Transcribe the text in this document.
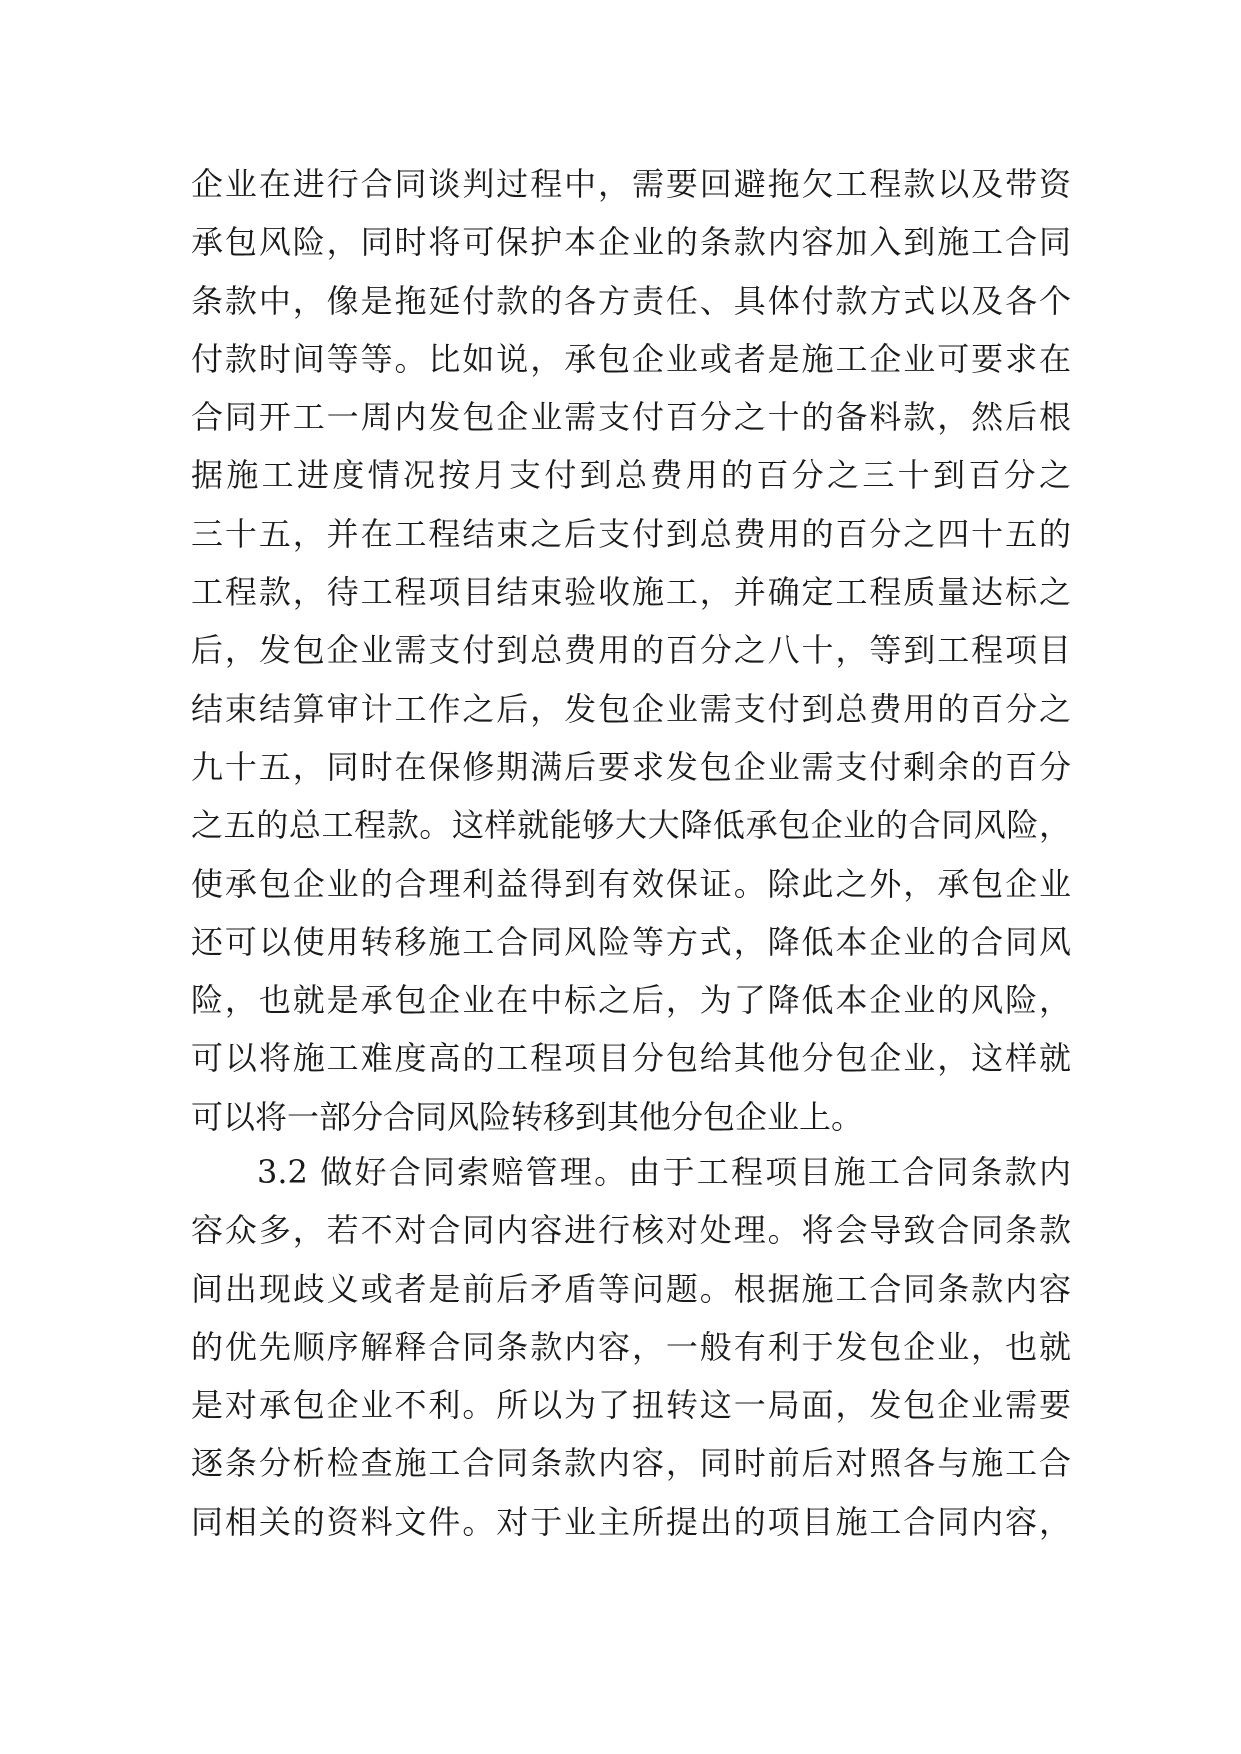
企业在进行合同谈判过程中，需要回避拖欠工程款以及带资
承包风险，同时将可保护本企业的条款内容加入到施工合同
条款中，像是拖延付款的各方责任、具体付款方式以及各个
付款时间等等。比如说，承包企业或者是施工企业可要求在
合同开工一周内发包企业需支付百分之十的备料款，然后根
据施工进度情况按月支付到总费用的百分之三十到百分之
三十五，并在工程结束之后支付到总费用的百分之四十五的
工程款，待工程项目结束验收施工，并确定工程质量达标之
后，发包企业需支付到总费用的百分之八十，等到工程项目
结束结算审计工作之后，发包企业需支付到总费用的百分之
九十五，同时在保修期满后要求发包企业需支付剩余的百分
之五的总工程款。这样就能够大大降低承包企业的合同风险，
使承包企业的合理利益得到有效保证。除此之外，承包企业
还可以使用转移施工合同风险等方式，降低本企业的合同风
险，也就是承包企业在中标之后，为了降低本企业的风险，
可以将施工难度高的工程项目分包给其他分包企业，这样就
可以将一部分合同风险转移到其他分包企业上。
3.2 做好合同索赔管理。由于工程项目施工合同条款内
容众多，若不对合同内容进行核对处理。将会导致合同条款
间出现歧义或者是前后矛盾等问题。根据施工合同条款内容
的优先顺序解释合同条款内容，一般有利于发包企业，也就
是对承包企业不利。所以为了扭转这一局面，发包企业需要
逐条分析检查施工合同条款内容，同时前后对照各与施工合
同相关的资料文件。对于业主所提出的项目施工合同内容，
